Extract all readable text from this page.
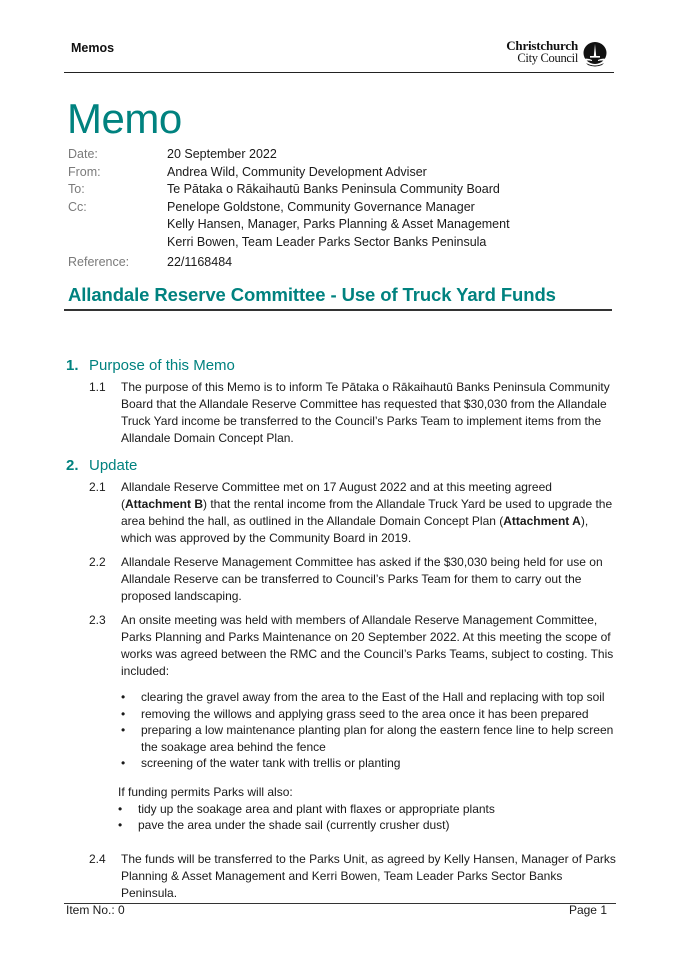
Memos	Christchurch
City Council
Memo
Date:	20 September 2022
From:	Andrea Wild, Community Development Adviser
To:	Te Pātaka o Rākaihautū Banks Peninsula Community Board
Cc:	Penelope Goldstone, Community Governance Manager
Kelly Hansen, Manager, Parks Planning & Asset Management
Kerri Bowen, Team Leader Parks Sector Banks Peninsula
Reference:	22/1168484
Allandale Reserve Committee - Use of Truck Yard Funds
1. Purpose of this Memo
1.1	The purpose of this Memo is to inform Te Pātaka o Rākaihautū Banks Peninsula Community Board that the Allandale Reserve Committee has requested that $30,030 from the Allandale Truck Yard income be transferred to the Council’s Parks Team to implement items from the Allandale Domain Concept Plan.
2. Update
2.1	Allandale Reserve Committee met on 17 August 2022 and at this meeting agreed (Attachment B) that the rental income from the Allandale Truck Yard be used to upgrade the area behind the hall, as outlined in the Allandale Domain Concept Plan (Attachment A), which was approved by the Community Board in 2019.
2.2	Allandale Reserve Management Committee has asked if the $30,030 being held for use on Allandale Reserve can be transferred to Council’s Parks Team for them to carry out the proposed landscaping.
2.3	An onsite meeting was held with members of Allandale Reserve Management Committee, Parks Planning and Parks Maintenance on 20 September 2022. At this meeting the scope of works was agreed between the RMC and the Council’s Parks Teams, subject to costing. This included:
•	clearing the gravel away from the area to the East of the Hall and replacing with top soil
•	removing the willows and applying grass seed to the area once it has been prepared
•	preparing a low maintenance planting plan for along the eastern fence line to help screen the soakage area behind the fence
•	screening of the water tank with trellis or planting
If funding permits Parks will also:
•	tidy up the soakage area and plant with flaxes or appropriate plants
•	pave the area under the shade sail (currently crusher dust)
2.4	The funds will be transferred to the Parks Unit, as agreed by Kelly Hansen, Manager of Parks Planning & Asset Management and Kerri Bowen, Team Leader Parks Sector Banks Peninsula.
Item No.: 0	Page 1
